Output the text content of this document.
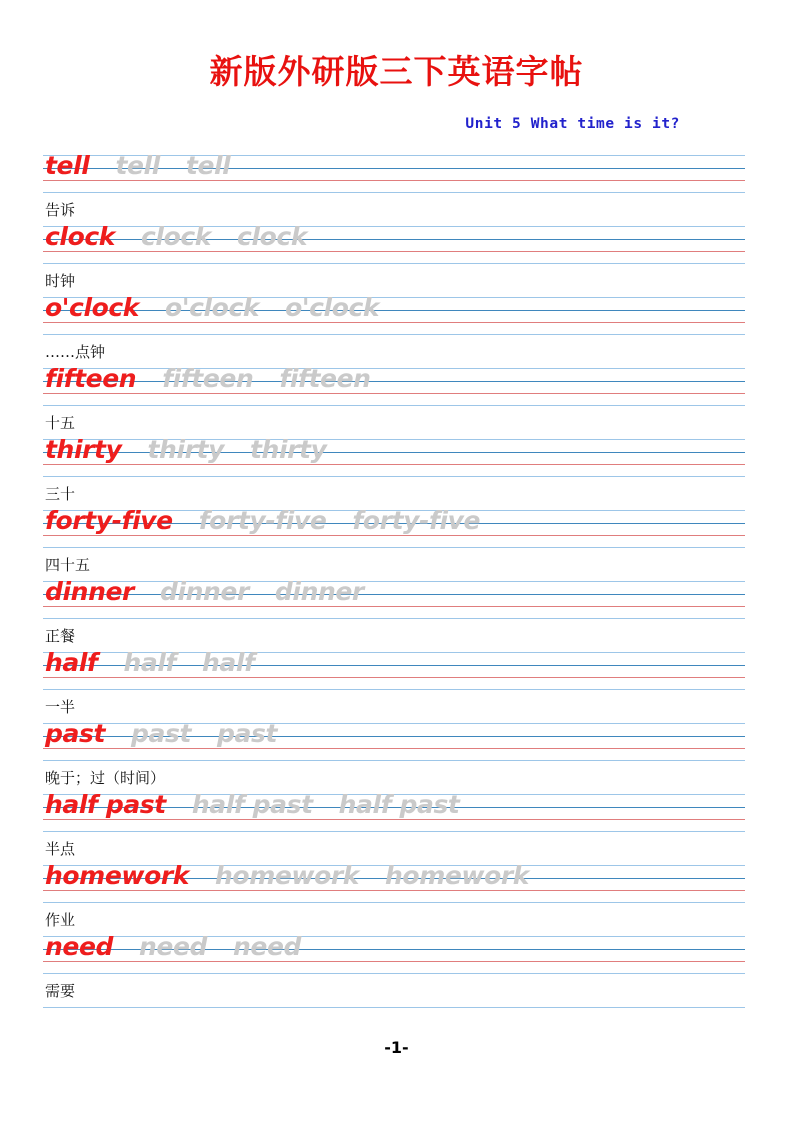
新版外研版三下英语字帖
Unit 5 What time is it?
tell tell tell
告诉
clock clock clock
时钟
o'clock o'clock o'clock
……点钟
fifteen fifteen fifteen
十五
thirty thirty thirty
三十
forty-five forty-five forty-five
四十五
dinner dinner dinner
正餐
half half half
一半
past past past
晚于；过（时间）
half past half past half past
半点
homework homework homework
作业
need need need
需要
-1-
